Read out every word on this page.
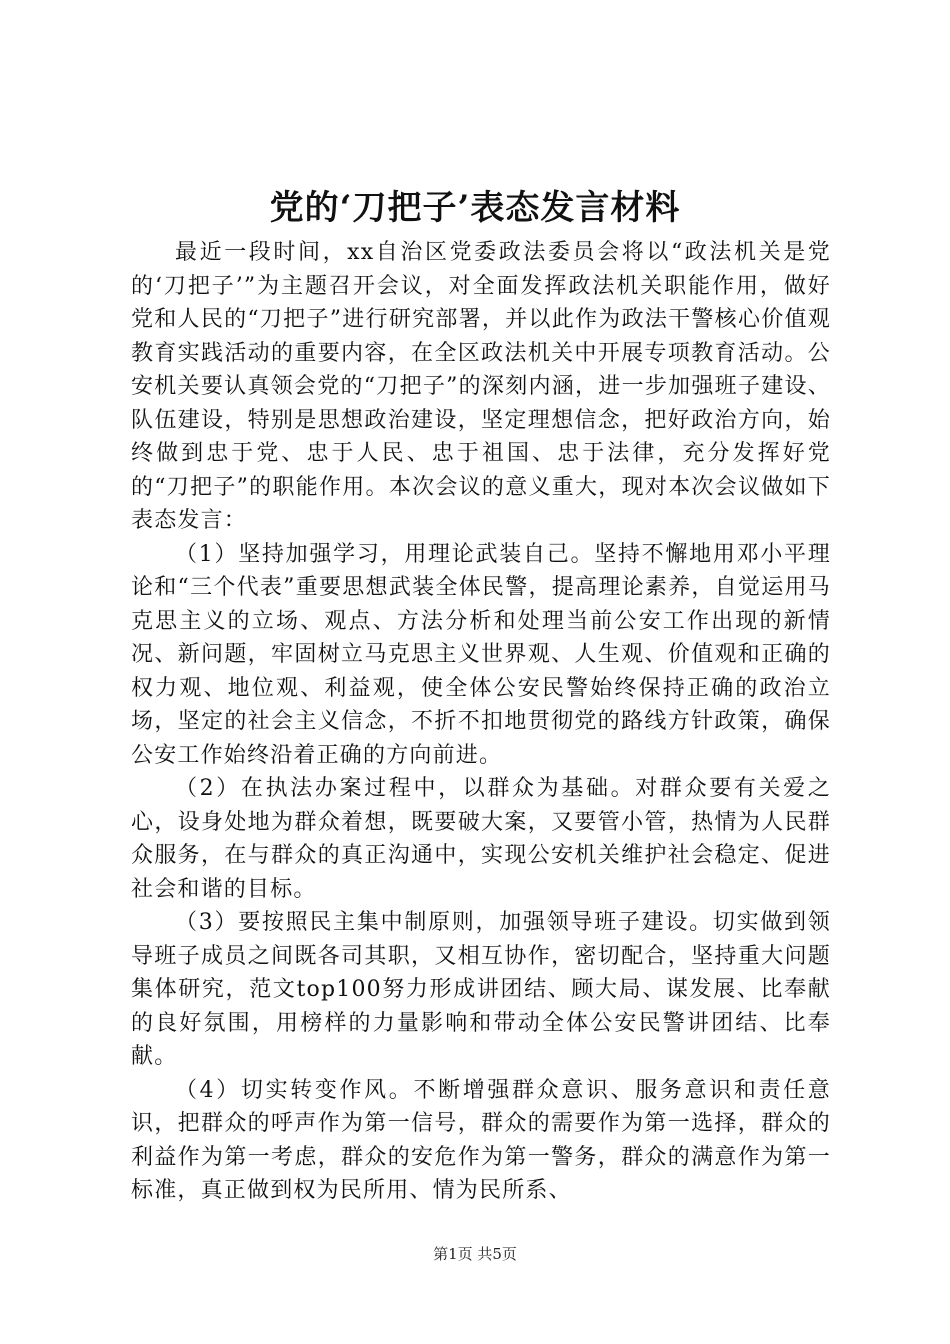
党的‘刀把子’表态发言材料

最近一段时间，xx自治区党委政法委员会将以“政法机关是党的‘刀把子’”为主题召开会议，对全面发挥政法机关职能作用，做好党和人民的“刀把子”进行研究部署，并以此作为政法干警核心价值观教育实践活动的重要内容，在全区政法机关中开展专项教育活动。公安机关要认真领会党的“刀把子”的深刻内涵，进一步加强班子建设、队伍建设，特别是思想政治建设，坚定理想信念，把好政治方向，始终做到忠于党、忠于人民、忠于祖国、忠于法律，充分发挥好党的“刀把子”的职能作用。本次会议的意义重大，现对本次会议做如下表态发言：

（1）坚持加强学习，用理论武装自己。坚持不懈地用邓小平理论和“三个代表”重要思想武装全体民警，提高理论素养，自觉运用马克思主义的立场、观点、方法分析和处理当前公安工作出现的新情况、新问题，牢固树立马克思主义世界观、人生观、价值观和正确的权力观、地位观、利益观，使全体公安民警始终保持正确的政治立场，坚定的社会主义信念，不折不扣地贯彻党的路线方针政策，确保公安工作始终沿着正确的方向前进。

（2）在执法办案过程中，以群众为基础。对群众要有关爱之心，设身处地为群众着想，既要破大案，又要管小管，热情为人民群众服务，在与群众的真正沟通中，实现公安机关维护社会稳定、促进社会和谐的目标。

（3）要按照民主集中制原则，加强领导班子建设。切实做到领导班子成员之间既各司其职，又相互协作，密切配合，坚持重大问题集体研究，范文top100努力形成讲团结、顾大局、谋发展、比奉献的良好氛围，用榜样的力量影响和带动全体公安民警讲团结、比奉献。

（4）切实转变作风。不断增强群众意识、服务意识和责任意识，把群众的呼声作为第一信号，群众的需要作为第一选择，群众的利益作为第一考虑，群众的安危作为第一警务，群众的满意作为第一标准，真正做到权为民所用、情为民所系、

第1页 共5页
